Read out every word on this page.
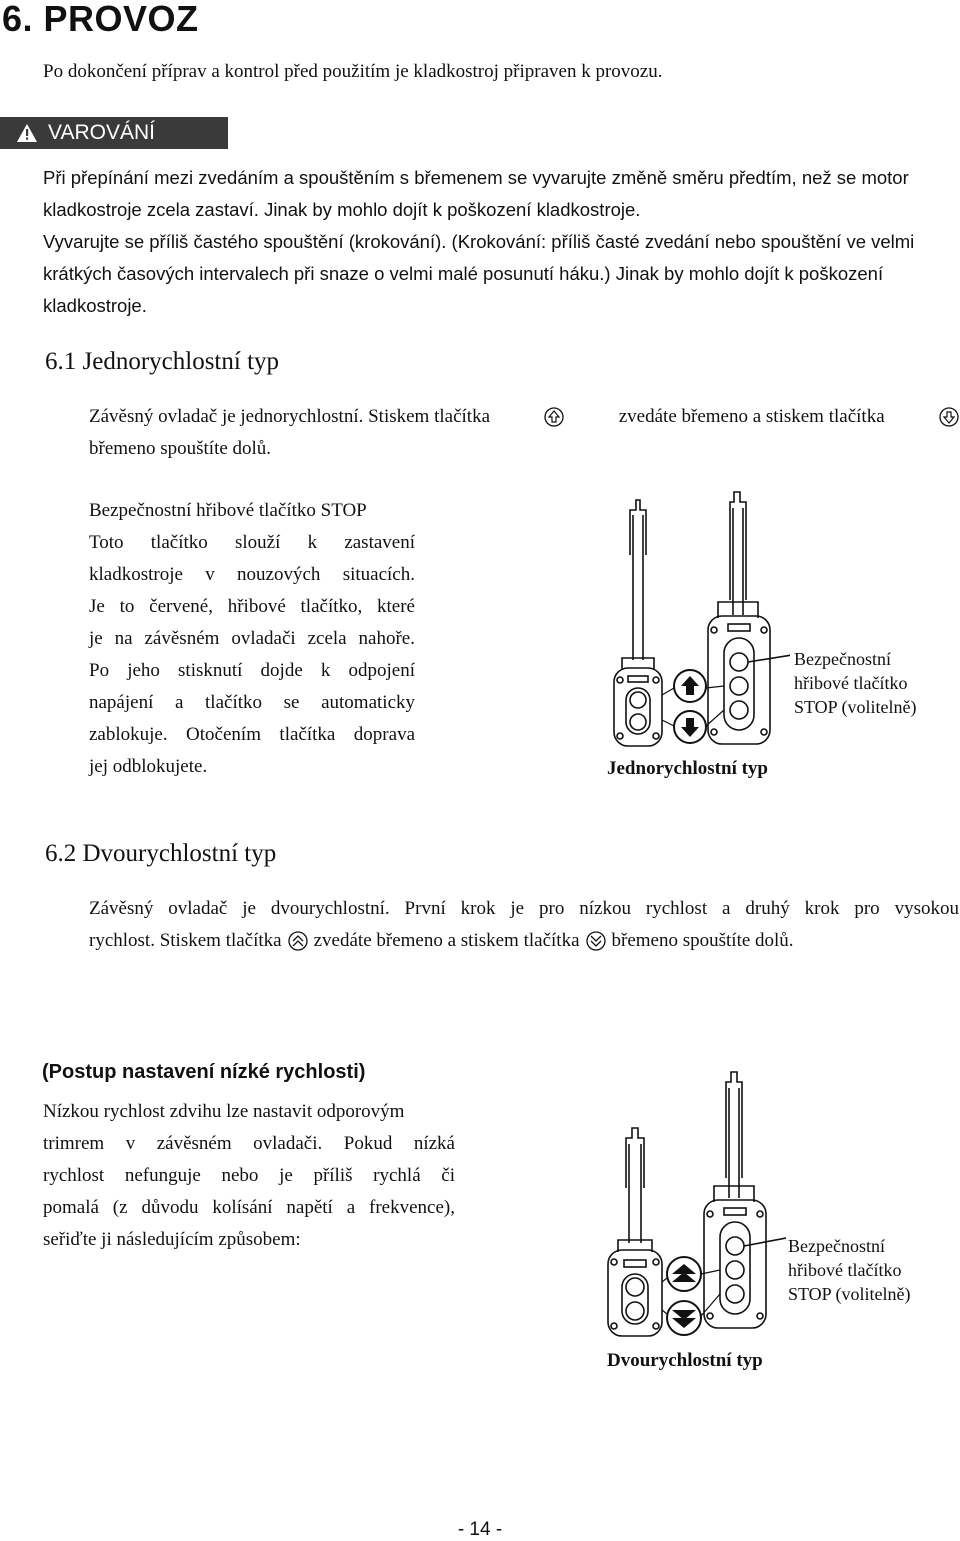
6. PROVOZ
Po dokončení příprav a kontrol před použitím je kladkostroj připraven k provozu.
VAROVÁNÍ
Při přepínání mezi zvedáním a spouštěním s břemenem se vyvarujte změně směru předtím, než se motor
kladkostroje zcela zastaví. Jinak by mohlo dojít k poškození kladkostroje.
Vyvarujte se příliš častého spouštění (krokování). (Krokování: příliš časté zvedání nebo spouštění ve velmi
krátkých časových intervalech při snaze o velmi malé posunutí háku.) Jinak by mohlo dojít k poškození
kladkostroje.
6.1 Jednorychlostní typ
Závěsný ovladač je jednorychlostní. Stiskem tlačítka	zvedáte břemeno a stiskem tlačítka
břemeno spouštíte dolů.
Bezpečnostní hřibové tlačítko STOP
Toto tlačítko slouží k zastavení
kladkostroje v nouzových situacích.
Je to červené, hřibové tlačítko, které
je na závěsném ovladači zcela nahoře.
Po jeho stisknutí dojde k odpojení
napájení a tlačítko se automaticky
zablokuje. Otočením tlačítka doprava
jej odblokujete.
Bezpečnostní
hřibové tlačítko
STOP (volitelně)
Jednorychlostní typ
6.2 Dvourychlostní typ
Závěsný ovladač je dvourychlostní. První krok je pro nízkou rychlost a druhý krok pro vysokou
rychlost. Stiskem tlačítka zvedáte břemeno a stiskem tlačítka břemeno spouštíte dolů.
(Postup nastavení nízké rychlosti)
Nízkou rychlost zdvihu lze nastavit odporovým
trimrem v závěsném ovladači. Pokud nízká
rychlost nefunguje nebo je příliš rychlá či
pomalá (z důvodu kolísání napětí a frekvence),
seřiďte ji následujícím způsobem:	Bezpečnostní
hřibové tlačítko
STOP (volitelně)
Dvourychlostní typ
- 14 -
